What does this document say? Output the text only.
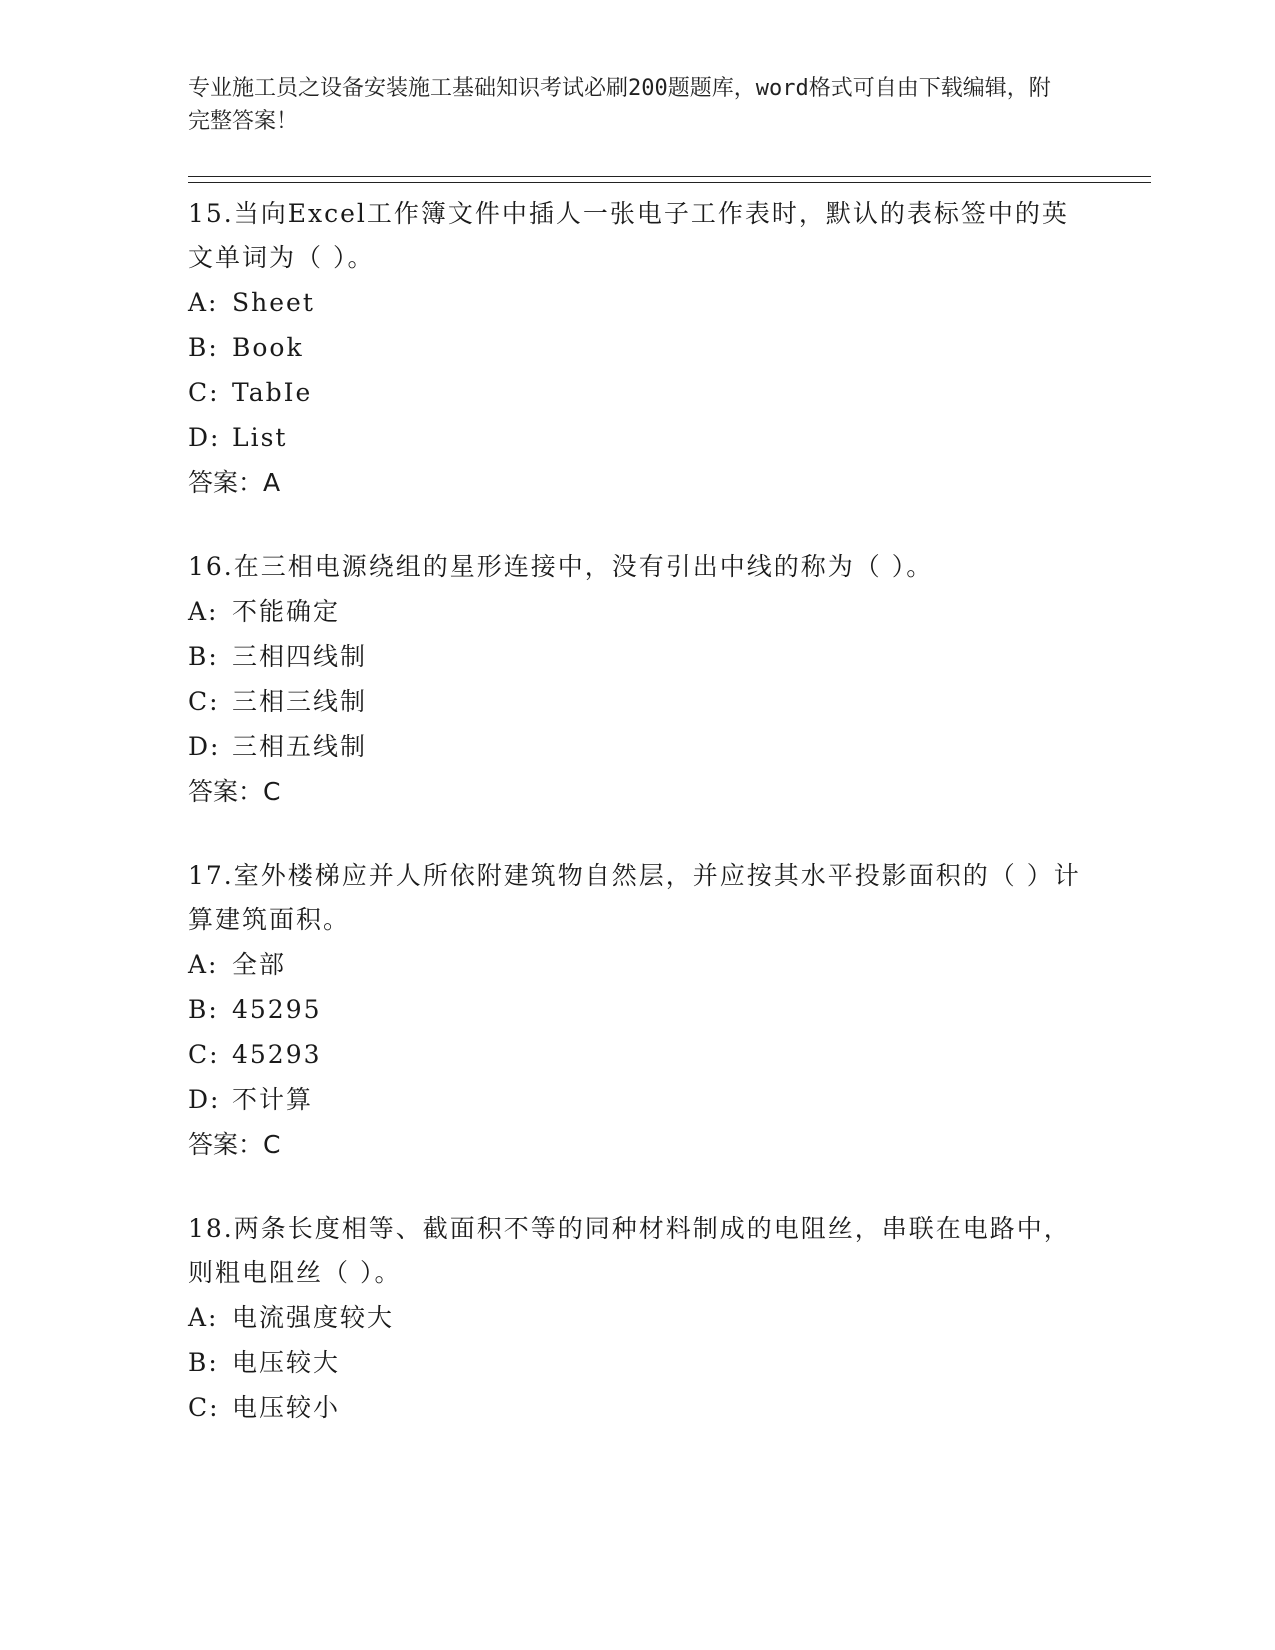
专业施工员之设备安装施工基础知识考试必刷200题题库，word格式可自由下载编辑，附完整答案！
15.当向Excel工作簿文件中插人一张电子工作表时，默认的表标签中的英文单词为（ ）。
A: Sheet
B: Book
C: TabIe
D: List
答案：A
16.在三相电源绕组的星形连接中，没有引出中线的称为（ ）。
A: 不能确定
B: 三相四线制
C: 三相三线制
D: 三相五线制
答案：C
17.室外楼梯应并人所依附建筑物自然层，并应按其水平投影面积的（ ）计算建筑面积。
A: 全部
B: 45295
C: 45293
D: 不计算
答案：C
18.两条长度相等、截面积不等的同种材料制成的电阻丝，串联在电路中，则粗电阻丝（ ）。
A: 电流强度较大
B: 电压较大
C: 电压较小
